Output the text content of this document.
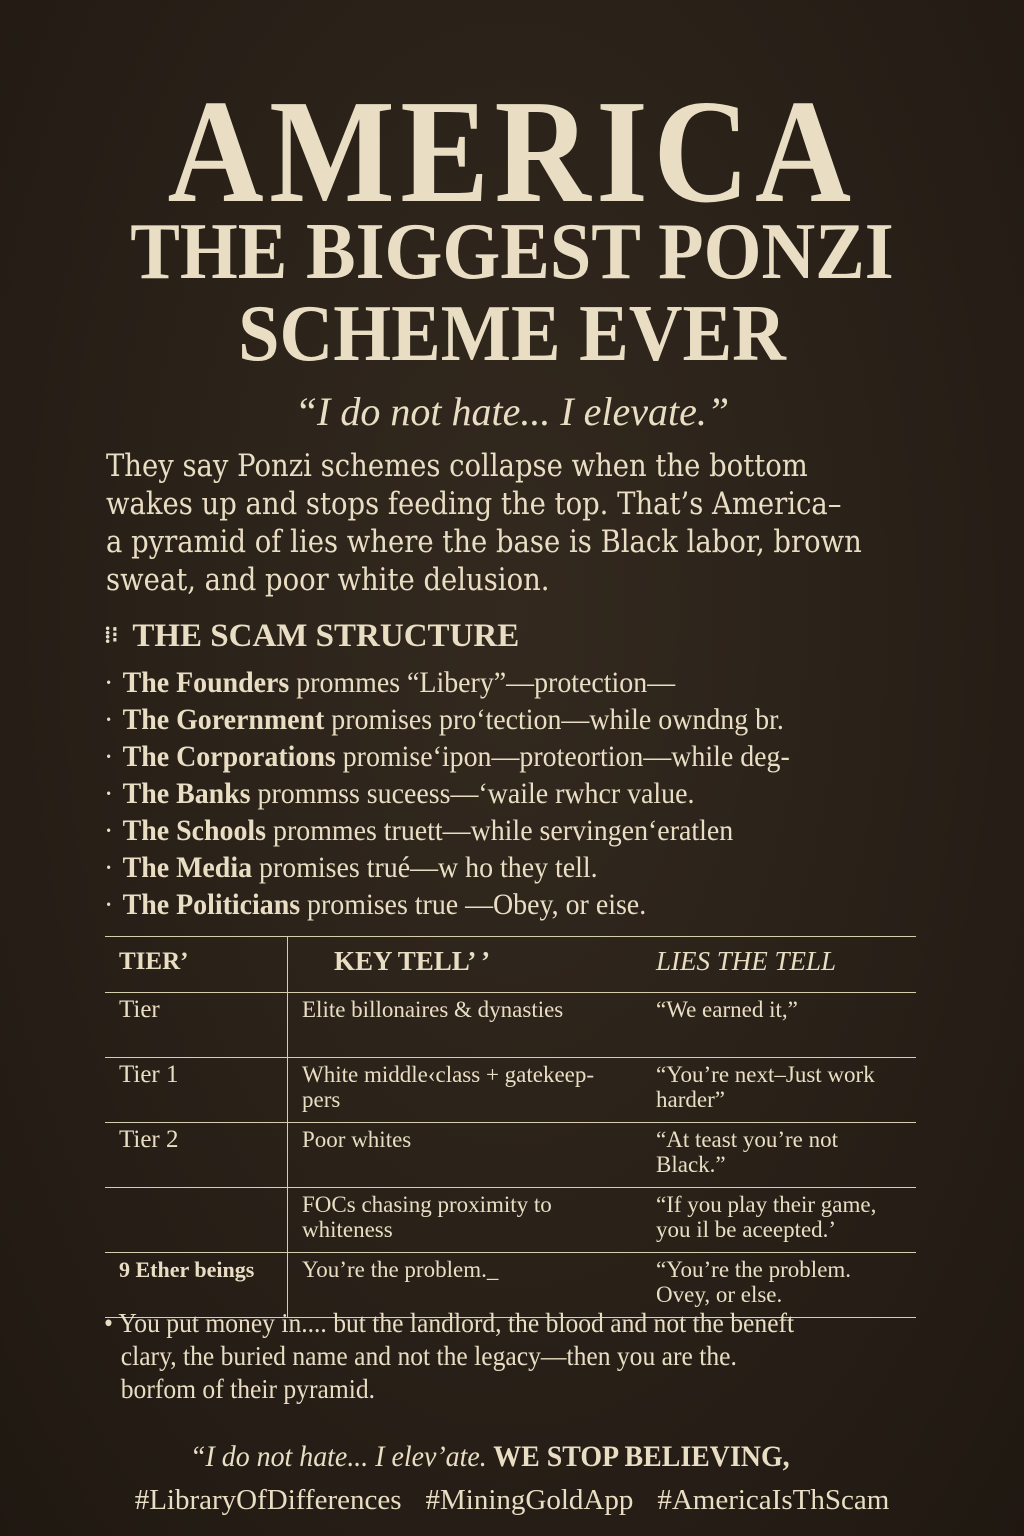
AMERICA
THE BIGGEST PONZI
SCHEME EVER
“I do not hate... I elevate.”
They say Ponzi schemes collapse when the bottom
wakes up and stops feeding the top. That’s America–
a pyramid of lies where the base is Black labor, brown
sweat, and poor white delusion.
⁞⁝ THE SCAM STRUCTURE
· The Founders prommes “Libery”—protection—
· The Gorernment promises pro‘tection—while owndng br.
· The Corporations promise‘ipon—proteortion—while deg-
· The Banks prommss suceess—‘waile rwhcr value.
· The Schools prommes truett—while servingen‘eratlen
· The Media promises trué—w ho they tell.
· The Politicians promises true —Obey, or eise.
TIER’	KEY TELL’ ’	LIES THE TELL
Tier	Elite billonaires & dynasties	“We earned it,”
Tier 1	White middle‹class + gatekeep- pers	“You’re next–Just work harder”
Tier 2	Poor whites	“At teast you’re not Black.”
	FOCs chasing proximity to whiteness	“If you play their game, you il be aceepted.’
9 Ether beings	You’re the problem._	“You’re the problem. Ovey, or else.
• You put money in.... but the landlord, the blood and not the beneft
clary, the buried name and not the legacy—then you are the.
borfom of their pyramid.
“I do not hate... I elev’ate. WE STOP BELIEVING,
#LibraryOfDifferences #MiningGoldApp #AmericaIsThScam
